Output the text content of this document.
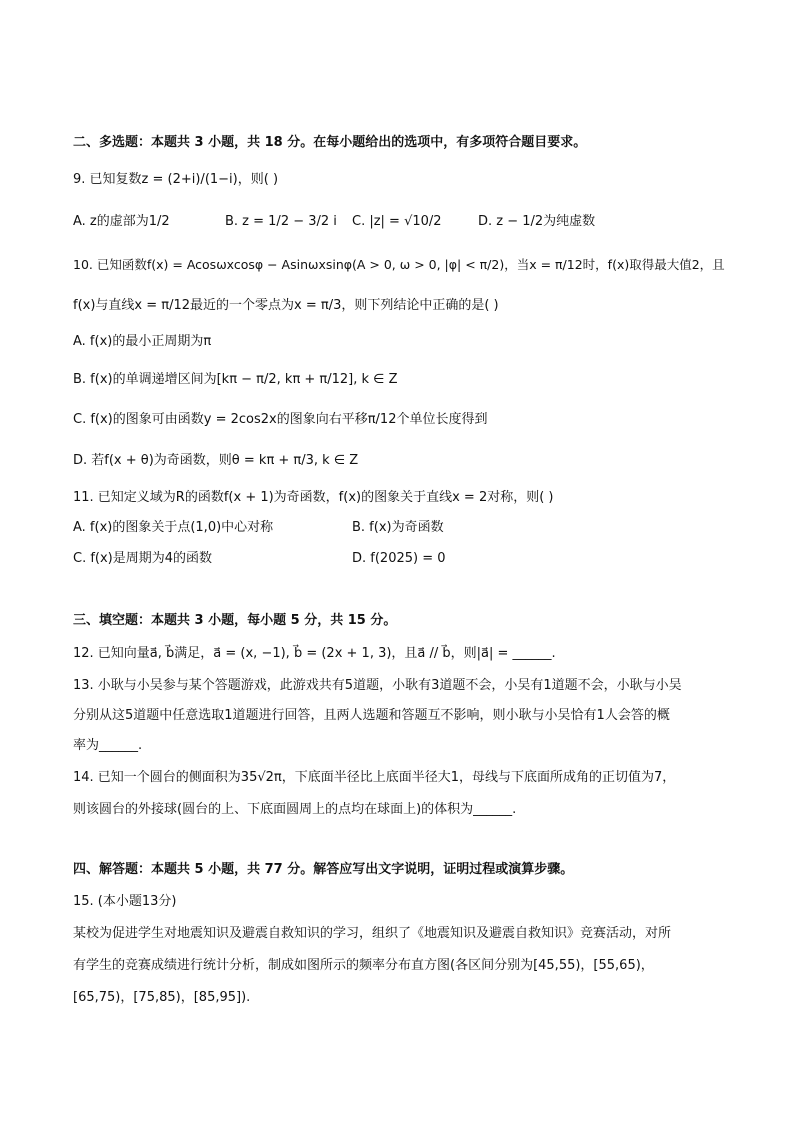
二、多选题：本题共 3 小题，共 18 分。在每小题给出的选项中，有多项符合题目要求。
9. 已知复数z = (2+i)/(1−i)，则( )
A. z的虚部为1/2	B. z = 1/2 − 3/2 i C. |z| = √10/2	D. z − 1/2为纯虚数
10. 已知函数f(x) = Acosωxcosφ − Asinωxsinφ(A > 0, ω > 0, |φ| < π/2)，当x = π/12时，f(x)取得最大值2，且
f(x)与直线x = π/12最近的一个零点为x = π/3，则下列结论中正确的是( )
A. f(x)的最小正周期为π
B. f(x)的单调递增区间为[kπ − π/2, kπ + π/12], k ∈ Z
C. f(x)的图象可由函数y = 2cos2x的图象向右平移π/12个单位长度得到
D. 若f(x + θ)为奇函数，则θ = kπ + π/3, k ∈ Z
11. 已知定义域为R的函数f(x + 1)为奇函数，f(x)的图象关于直线x = 2对称，则( )
A. f(x)的图象关于点(1,0)中心对称	B. f(x)为奇函数
C. f(x)是周期为4的函数	D. f(2025) = 0
三、填空题：本题共 3 小题，每小题 5 分，共 15 分。
12. 已知向量a⃗, b⃗满足，a⃗ = (x, −1), b⃗ = (2x + 1, 3)，且a⃗ // b⃗，则|a⃗| = ______.
13. 小耿与小吴参与某个答题游戏，此游戏共有5道题，小耿有3道题不会，小吴有1道题不会，小耿与小吴
分别从这5道题中任意选取1道题进行回答，且两人选题和答题互不影响，则小耿与小吴恰有1人会答的概
率为______.
14. 已知一个圆台的侧面积为35√2π，下底面半径比上底面半径大1，母线与下底面所成角的正切值为7，
则该圆台的外接球(圆台的上、下底面圆周上的点均在球面上)的体积为______.
四、解答题：本题共 5 小题，共 77 分。解答应写出文字说明，证明过程或演算步骤。
15. (本小题13分)
某校为促进学生对地震知识及避震自救知识的学习，组织了《地震知识及避震自救知识》竞赛活动，对所
有学生的竞赛成绩进行统计分析，制成如图所示的频率分布直方图(各区间分别为[45,55)，[55,65)，
[65,75)，[75,85)，[85,95]).
